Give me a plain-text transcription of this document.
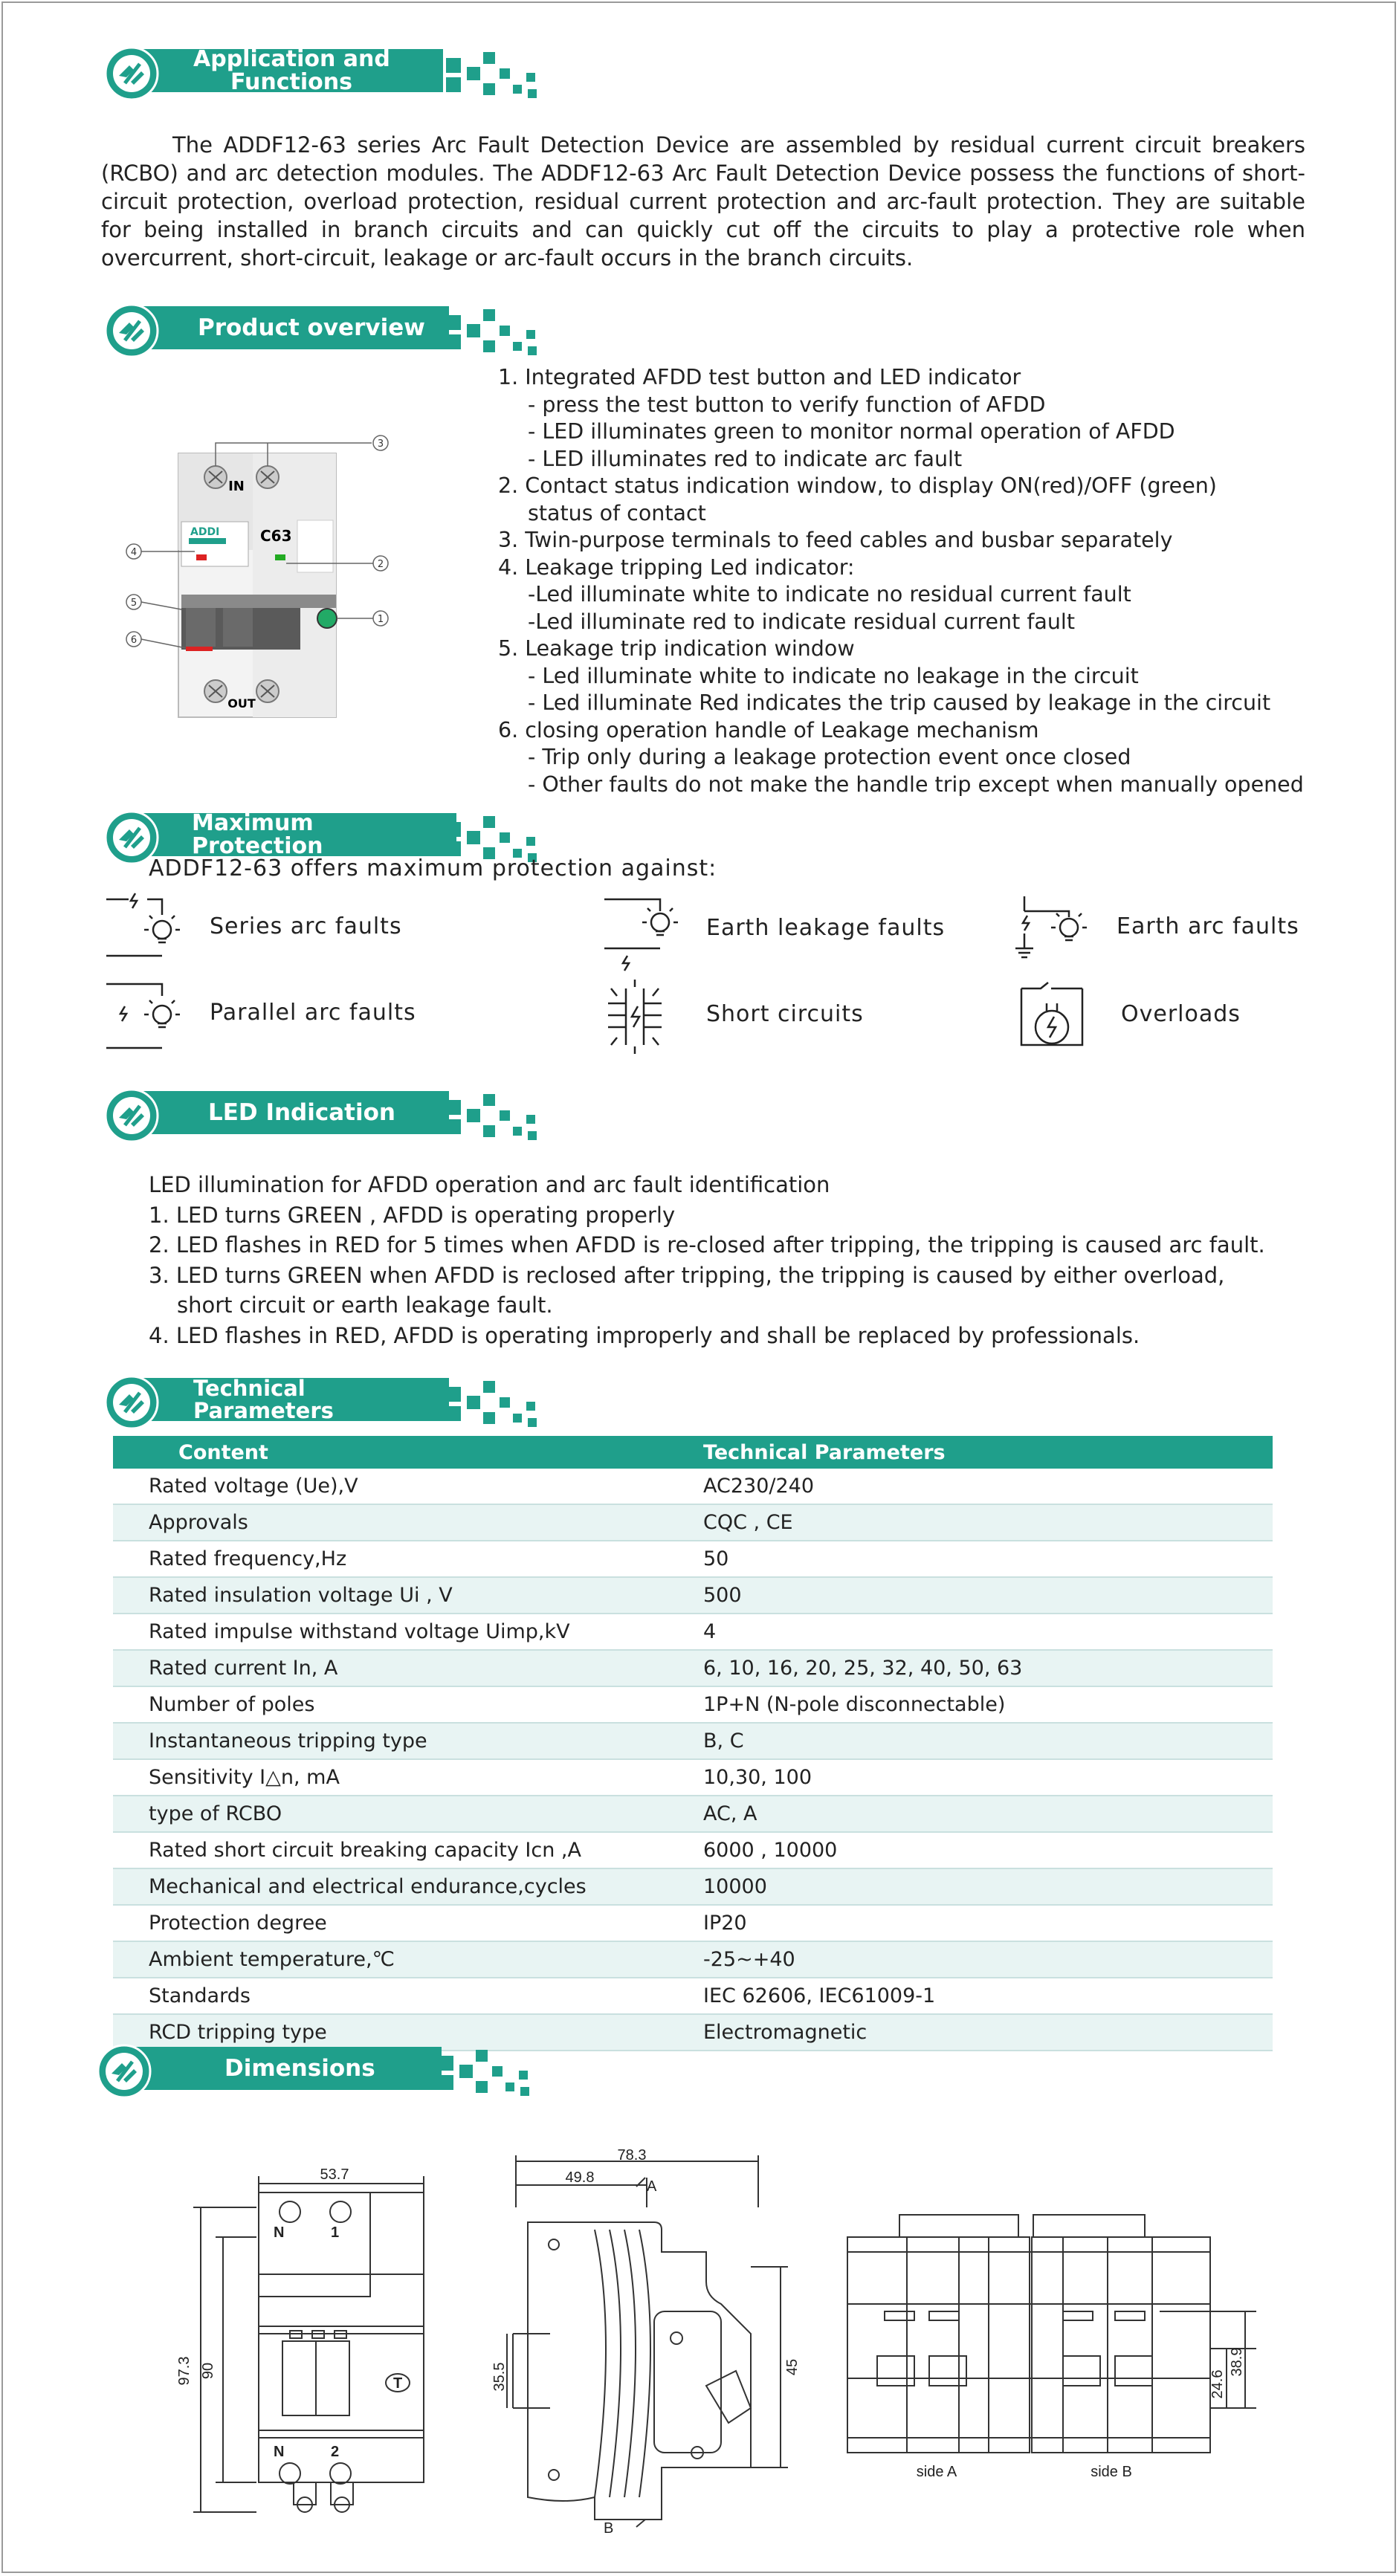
Application and
Functions
The ADDF12-63 series Arc Fault Detection Device are assembled by residual current circuit breakers (RCBO) and arc detection modules. The ADDF12-63 Arc Fault Detection Device possess the functions of short-circuit protection, overload protection, residual current protection and arc-fault protection. They are suitable for being installed in branch circuits and can quickly cut off the circuits to play a protective role when overcurrent, short-circuit, leakage or arc-fault occurs in the branch circuits.
Product overview
IN
ADDI	C63
OUT
3
2
1
4
5
6
1. Integrated AFDD test button and LED indicator
- press the test button to verify function of AFDD
- LED illuminates green to monitor normal operation of AFDD
- LED illuminates red to indicate arc fault
2. Contact status indication window, to display ON(red)/OFF (green)
status of contact
3. Twin-purpose terminals to feed cables and busbar separately
4. Leakage tripping Led indicator:
-Led illuminate white to indicate no residual current fault
-Led illuminate red to indicate residual current fault
5. Leakage trip indication window
- Led illuminate white to indicate no leakage in the circuit
- Led illuminate Red indicates the trip caused by leakage in the circuit
6. closing operation handle of Leakage mechanism
- Trip only during a leakage protection event once closed
- Other faults do not make the handle trip except when manually opened
Maximum Protection
ADDF12-63 offers maximum protection against:
Series arc faults	Earth leakage faults	Earth arc faults
Parallel arc faults	Short circuits	Overloads
LED Indication
LED illumination for AFDD operation and arc fault identification
1. LED turns GREEN , AFDD is operating properly
2. LED flashes in RED for 5 times when AFDD is re-closed after tripping, the tripping is caused arc fault.
3. LED turns GREEN when AFDD is reclosed after tripping, the tripping is caused by either overload,
short circuit or earth leakage fault.
4. LED flashes in RED, AFDD is operating improperly and shall be replaced by professionals.
Technical Parameters
Content	Technical Parameters
Rated voltage (Ue),V	AC230/240
Approvals	CQC , CE
Rated frequency,Hz	50
Rated insulation voltage Ui , V	500
Rated impulse withstand voltage Uimp,kV	4
Rated current In, A	6, 10, 16, 20, 25, 32, 40, 50, 63
Number of poles	1P+N (N-pole disconnectable)
Instantaneous tripping type	B, C
Sensitivity I△n, mA	10,30, 100
type of RCBO	AC, A
Rated short circuit breaking capacity Icn ,A	6000 , 10000
Mechanical and electrical endurance,cycles	10000
Protection degree	IP20
Ambient temperature,℃	-25~+40
Standards	IEC 62606, IEC61009-1
RCD tripping type	Electromagnetic
Dimensions
53.7
97.3 90
N	1
N	2
T
78.3
49.8
A
35.5	45
B
24.6
38.9
side A	side B
